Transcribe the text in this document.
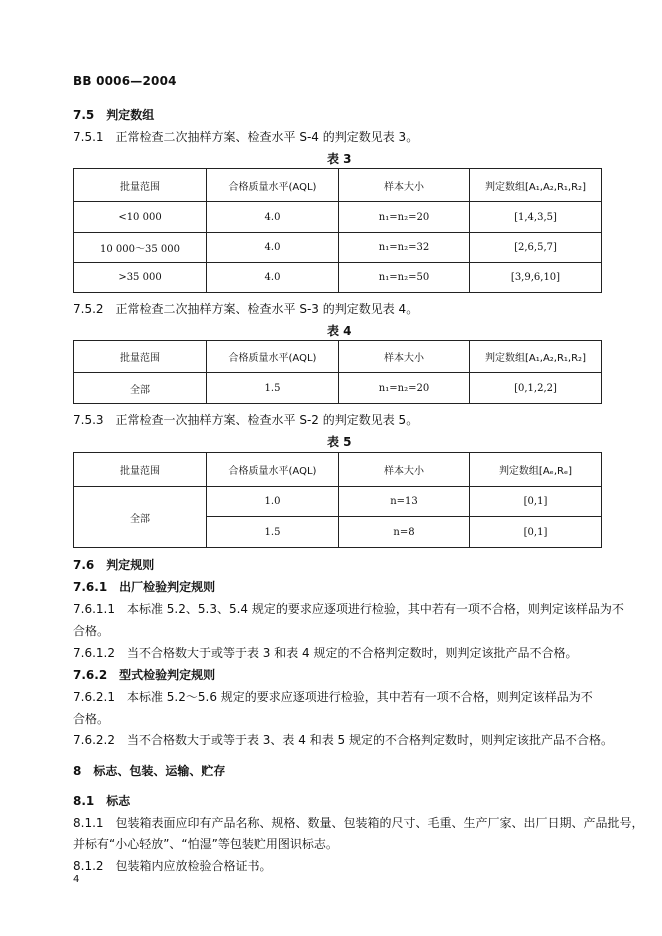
BB 0006—2004
7.5　判定数组
7.5.1　正常检查二次抽样方案、检查水平 S-4 的判定数见表 3。
表 3
批量范围	合格质量水平(AQL)	样本大小	判定数组[A₁,A₂,R₁,R₂]
<10 000	4.0	n₁=n₂=20	[1,4,3,5]
10 000～35 000	4.0	n₁=n₂=32	[2,6,5,7]
>35 000	4.0	n₁=n₂=50	[3,9,6,10]
7.5.2　正常检查二次抽样方案、检查水平 S-3 的判定数见表 4。
表 4
批量范围	合格质量水平(AQL)	样本大小	判定数组[A₁,A₂,R₁,R₂]
全部	1.5	n₁=n₂=20	[0,1,2,2]
7.5.3　正常检查一次抽样方案、检查水平 S-2 的判定数见表 5。
表 5
批量范围	合格质量水平(AQL)	样本大小	判定数组[Aₑ,Rₑ]
全部	1.0	n=13	[0,1]
	1.5	n=8	[0,1]
7.6　判定规则
7.6.1　出厂检验判定规则
7.6.1.1　本标准 5.2、5.3、5.4 规定的要求应逐项进行检验，其中若有一项不合格，则判定该样品为不
合格。
7.6.1.2　当不合格数大于或等于表 3 和表 4 规定的不合格判定数时，则判定该批产品不合格。
7.6.2　型式检验判定规则
7.6.2.1　本标准 5.2～5.6 规定的要求应逐项进行检验，其中若有一项不合格，则判定该样品为不
合格。
7.6.2.2　当不合格数大于或等于表 3、表 4 和表 5 规定的不合格判定数时，则判定该批产品不合格。
8　标志、包装、运输、贮存
8.1　标志
8.1.1　包装箱表面应印有产品名称、规格、数量、包装箱的尺寸、毛重、生产厂家、出厂日期、产品批号，
并标有“小心轻放”、“怕湿”等包装贮用图识标志。
8.1.2　包装箱内应放检验合格证书。
4
